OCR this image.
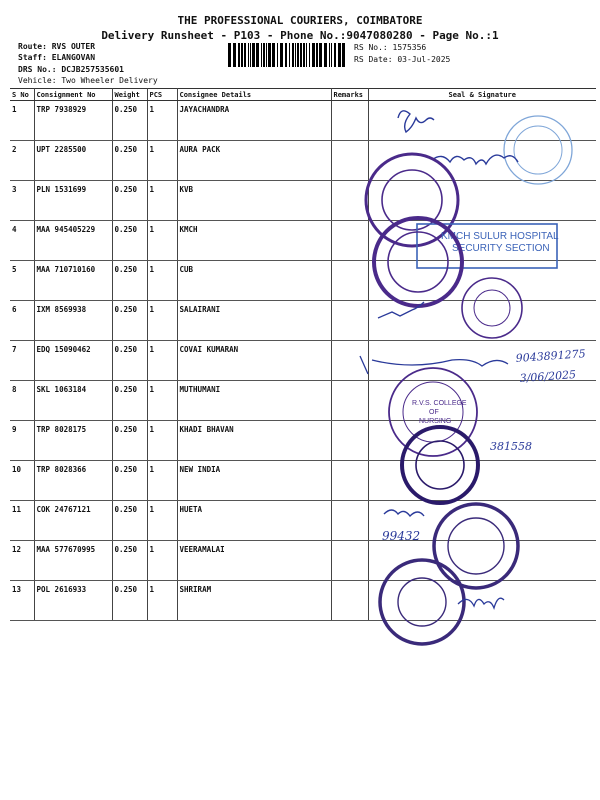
THE PROFESSIONAL COURIERS, COIMBATORE
Delivery Runsheet - P103 - Phone No.:9047080280 - Page No.:1
Route: RVS OUTER
Staff: ELANGOVAN
DRS No.: DCJB257535601
Vehicle: Two Wheeler Delivery
RS No.: 1575356
RS Date: 03-Jul-2025
S No	Consignment No	Weight	PCS	Consignee Details	Remarks	Seal & Signature
1	TRP 7938929	0.250	1	JAYACHANDRA		
2	UPT 2285500	0.250	1	AURA PACK		
3	PLN 1531699	0.250	1	KVB		
4	MAA 945405229	0.250	1	KMCH		
5	MAA 710710160	0.250	1	CUB		
6	IXM 8569938	0.250	1	SALAIRANI		
7	EDQ 15090462	0.250	1	COVAI KUMARAN		
8	SKL 1063184	0.250	1	MUTHUMANI		
9	TRP 8028175	0.250	1	KHADI BHAVAN		
10	TRP 8028366	0.250	1	NEW INDIA		
11	COK 24767121	0.250	1	HUETA		
12	MAA 577670995	0.250	1	VEERAMALAI		
13	POL 2616933	0.250	1	SHRIRAM		
KMCH SULUR HOSPITAL
SECURITY SECTION
9043891275
3/06/2025
R.V.S. COLLEGE
OF
NURSING
381558
99432
